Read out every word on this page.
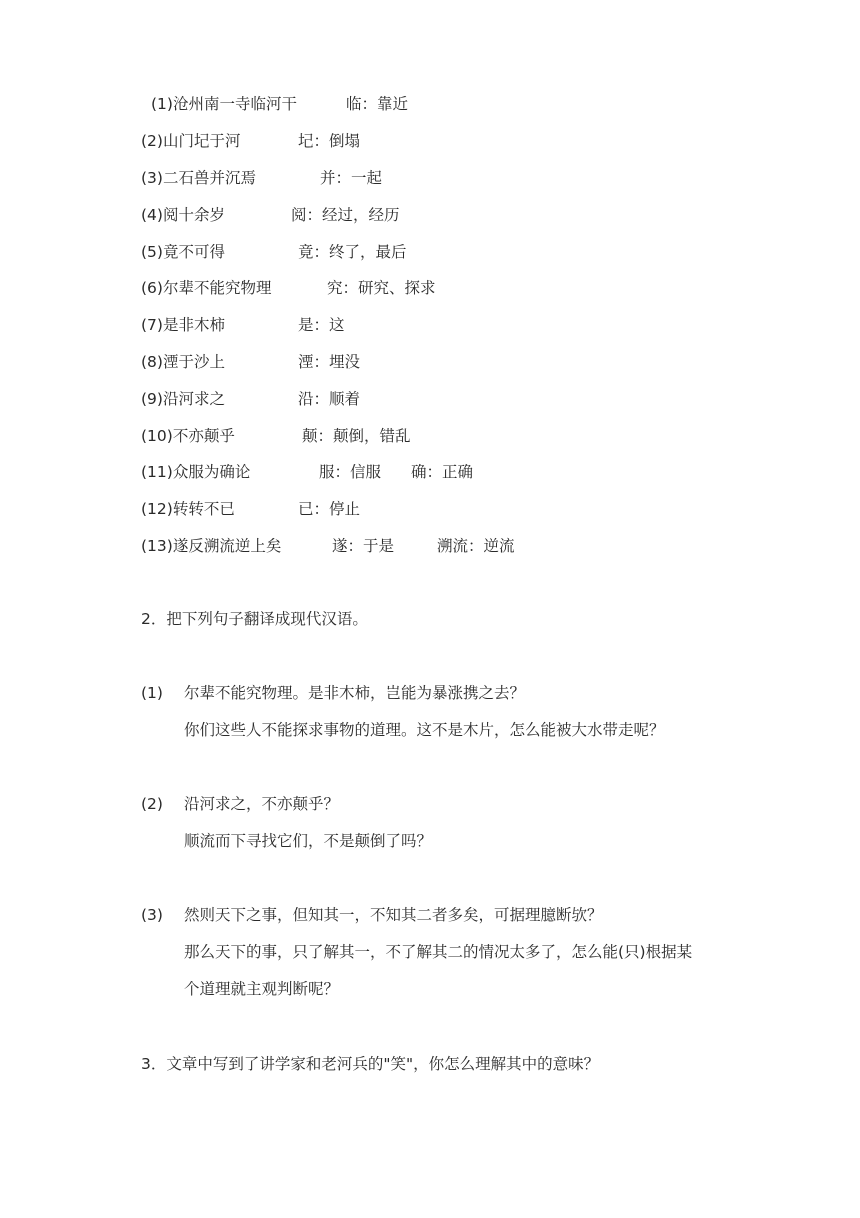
(1)沧州南一寺临河干	临：靠近
(2)山门圮于河	圮：倒塌
(3)二石兽并沉焉	并：一起
(4)阅十余岁	阅：经过，经历
(5)竟不可得	竟：终了，最后
(6)尔辈不能究物理	究：研究、探求
(7)是非木柿	是：这
(8)湮于沙上	湮：埋没
(9)沿河求之	沿：顺着
(10)不亦颠乎	颠：颠倒，错乱
(11)众服为确论	服：信服 确：正确
(12)转转不已	已：停止
(13)遂反溯流逆上矣	遂：于是	溯流：逆流
2．把下列句子翻译成现代汉语。
(1) 尔辈不能究物理。是非木柿，岂能为暴涨携之去？
你们这些人不能探求事物的道理。这不是木片，怎么能被大水带走呢？
(2) 沿河求之，不亦颠乎？
顺流而下寻找它们，不是颠倒了吗？
(3) 然则天下之事，但知其一，不知其二者多矣，可据理臆断欤？
那么天下的事，只了解其一，不了解其二的情况太多了，怎么能(只)根据某
个道理就主观判断呢？
3．文章中写到了讲学家和老河兵的"笑"，你怎么理解其中的意味？
